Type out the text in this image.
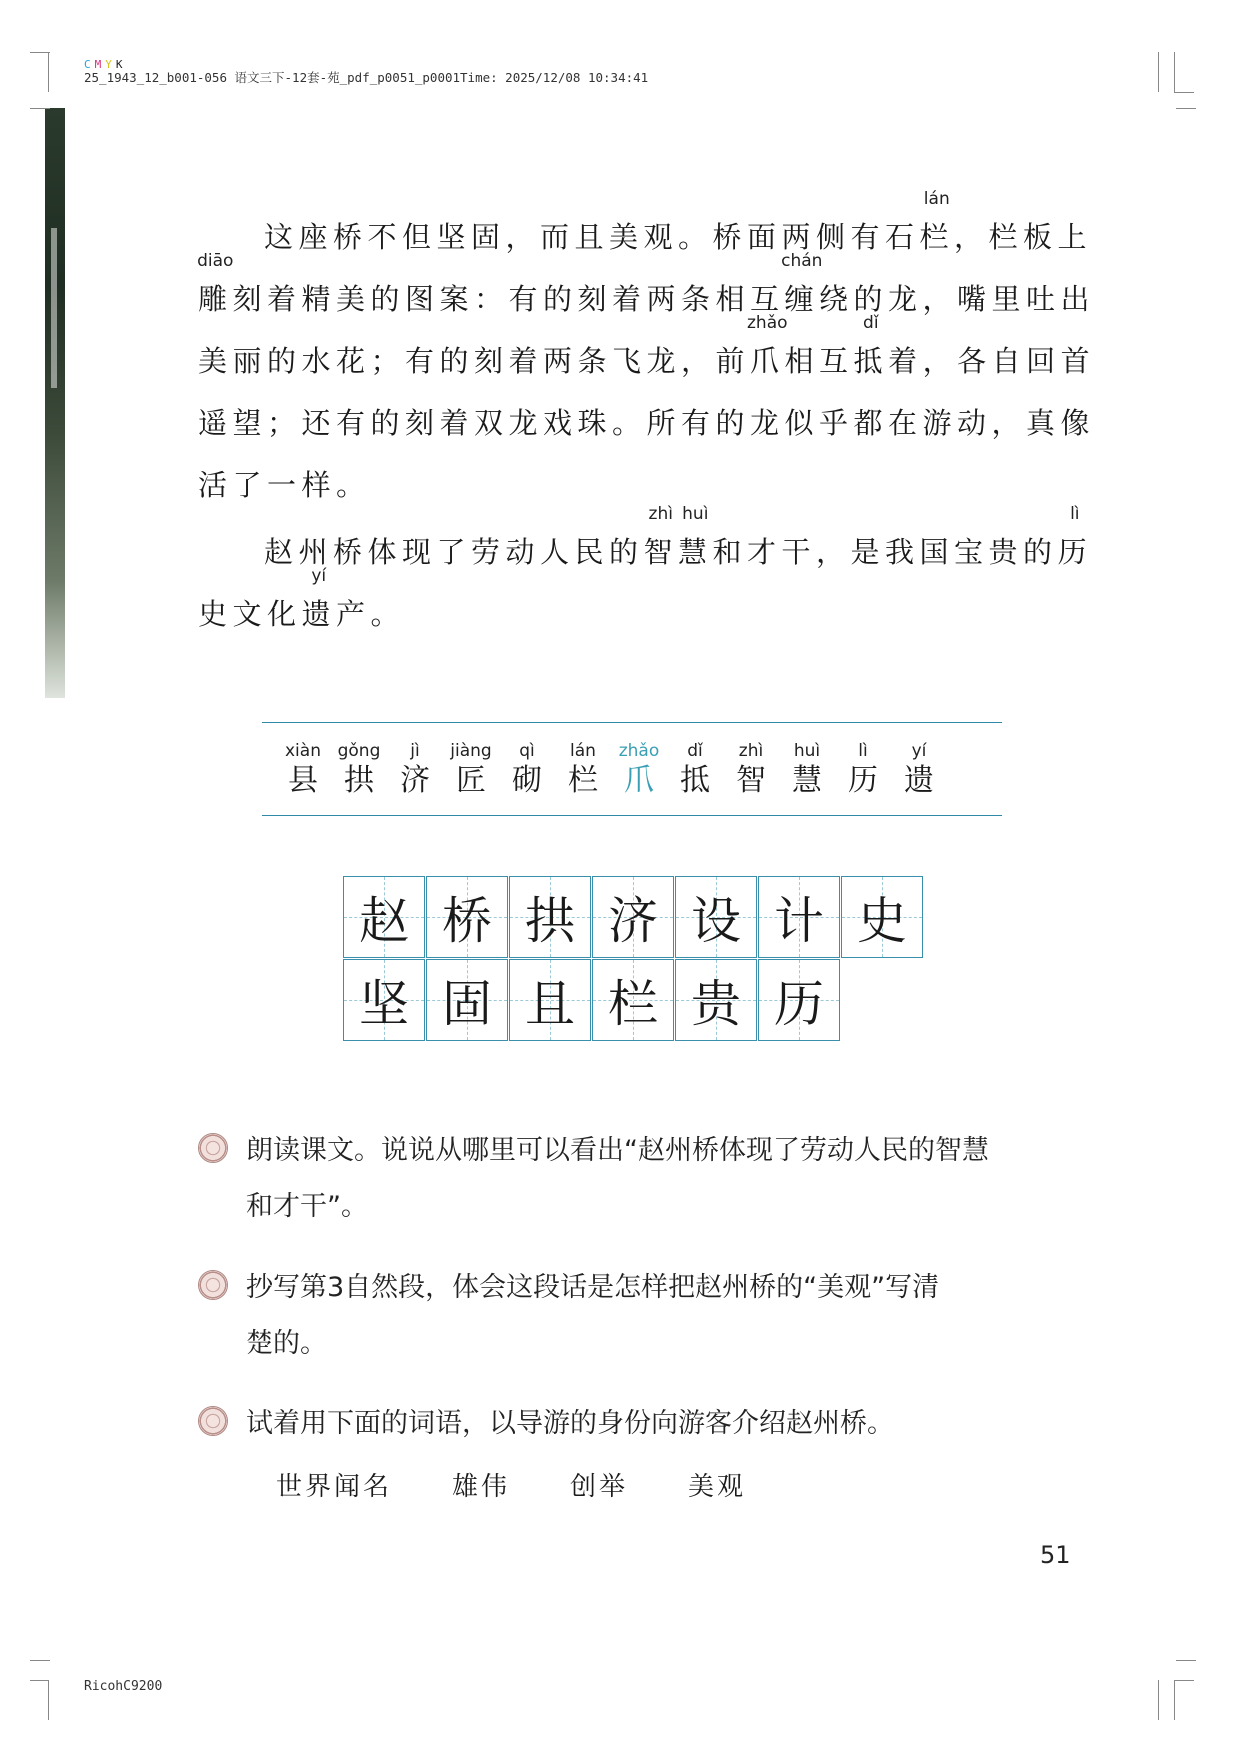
CMYK
25_1943_12_b001-056 语文三下-12套-苑_pdf_p0051_p0001Time: 2025/12/08 10:34:41
RicohC9200
这座桥不但坚固，而且美观。桥面两侧有石
lán
栏，栏板上
diāo
雕刻着精美的图案：有的刻着两条相互
chán
缠绕的龙，嘴里吐出
美丽的水花；有的刻着两条飞龙，前
zhǎo
爪相互
dǐ
抵着，各自回首
遥望；还有的刻着双龙戏珠。所有的龙似乎都在游动，真像
活了一样。
赵州桥体现了劳动人民的
zhì
智
huì
慧和才干，是我国宝贵的
lì
历
史文化
yí
遗产。
xiàn
县
gǒng
拱
jì
济
jiàng
匠
qì
砌
lán
栏
zhǎo
爪
dǐ
抵
zhì
智
huì
慧
lì
历
yí
遗
赵 桥 拱 济 设 计 史
坚 固 且 栏 贵 历
朗读课文。说说从哪里可以看出“赵州桥体现了劳动人民的智慧
和才干”。
抄写第3自然段，体会这段话是怎样把赵州桥的“美观”写清
楚的。
试着用下面的词语，以导游的身份向游客介绍赵州桥。
世界闻名 雄伟 创举 美观
51
